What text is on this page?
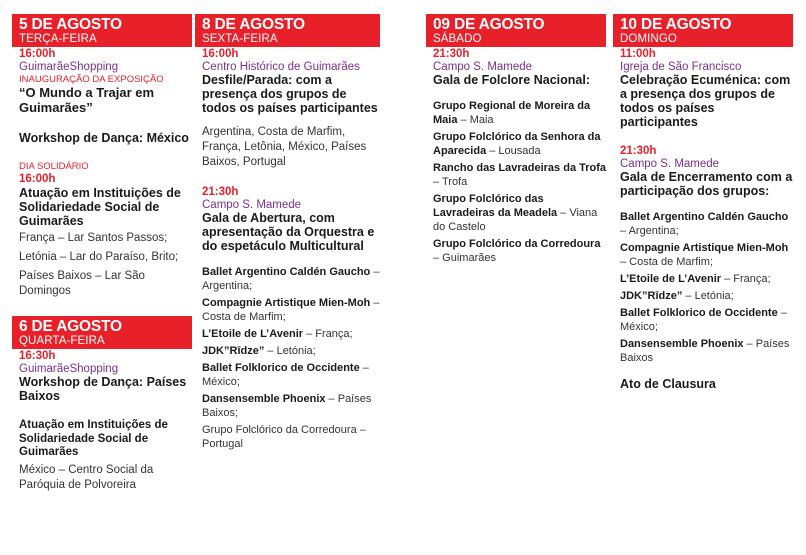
5 DE AGOSTO
TERÇA-FEIRA
16:00h
GuimarãeShopping
INAUGURAÇÃO DA EXPOSIÇÃO
“O Mundo a Trajar em Guimarães”
Workshop de Dança: México
DIA SOLIDÁRIO
16:00h
Atuação em Instituições de Solidariedade Social de Guimarães
França – Lar Santos Passos;
Letónia – Lar do Paraíso, Brito;
Países Baixos – Lar São Domingos
6 DE AGOSTO
QUARTA-FEIRA
16:30h
GuimarãeShopping
Workshop de Dança: Países Baixos
Atuação em Instituições de Solidariedade Social de Guimarães
México – Centro Social da Paróquia de Polvoreira
8 DE AGOSTO
SEXTA-FEIRA
16:00h
Centro Histórico de Guimarães
Desfile/Parada: com a presença dos grupos de todos os países participantes
Argentina, Costa de Marfim, França, Letônia, México, Países Baixos, Portugal
21:30h
Campo S. Mamede
Gala de Abertura, com apresentação da Orquestra e do espetáculo Multicultural
Ballet Argentino Caldén Gaucho – Argentina;
Compagnie Artistique Mien-Moh – Costa de Marfim;
L’Etoile de L’Avenir – França;
JDK”Rīdze” – Letónia;
Ballet Folklorico de Occidente – México;
Dansensemble Phoenix – Países Baixos;
Grupo Folclórico da Corredoura – Portugal
09 DE AGOSTO
SÁBADO
21:30h
Campo S. Mamede
Gala de Folclore Nacional:
Grupo Regional de Moreira da Maia – Maia
Grupo Folclórico da Senhora da Aparecida – Lousada
Rancho das Lavradeiras da Trofa – Trofa
Grupo Folclórico das Lavradeiras da Meadela – Viana do Castelo
Grupo Folclórico da Corredoura – Guimarães
10 DE AGOSTO
DOMINGO
11:00h
Igreja de São Francisco
Celebração Ecuménica: com a presença dos grupos de todos os países participantes
21:30h
Campo S. Mamede
Gala de Encerramento com a participação dos grupos:
Ballet Argentino Caldén Gaucho – Argentina;
Compagnie Artistique Mien-Moh – Costa de Marfim;
L’Etoile de L’Avenir – França;
JDK”Rīdze” – Letónia;
Ballet Folklorico de Occidente – México;
Dansensemble Phoenix – Países Baixos
Ato de Clausura
